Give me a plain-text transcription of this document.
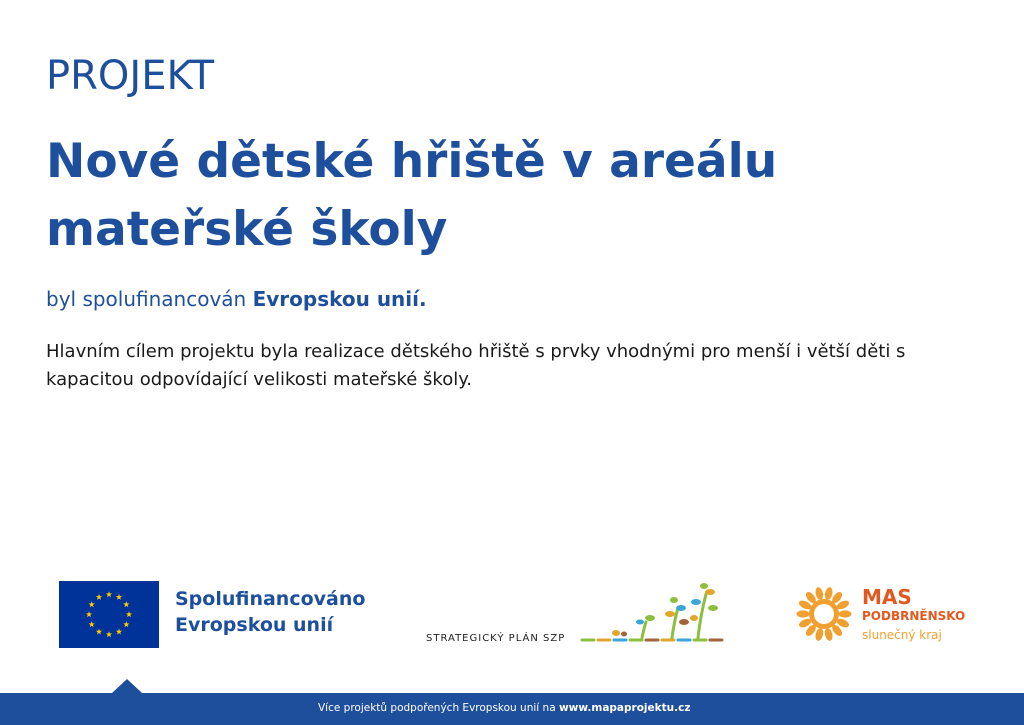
PROJEKT
Nové dětské hřiště v areálu mateřské školy

byl spolufinancován Evropskou unií.

Hlavním cílem projektu byla realizace dětského hřiště s prvky vhodnými pro menší i větší děti s kapacitou odpovídající velikosti mateřské školy.

Spolufinancováno
Evropskou unií
STRATEGICKÝ PLÁN SZP
MAS
PODBRNĚNSKO
slunečný kraj
Více projektů podpořených Evropskou unií na www.mapaprojektu.cz
